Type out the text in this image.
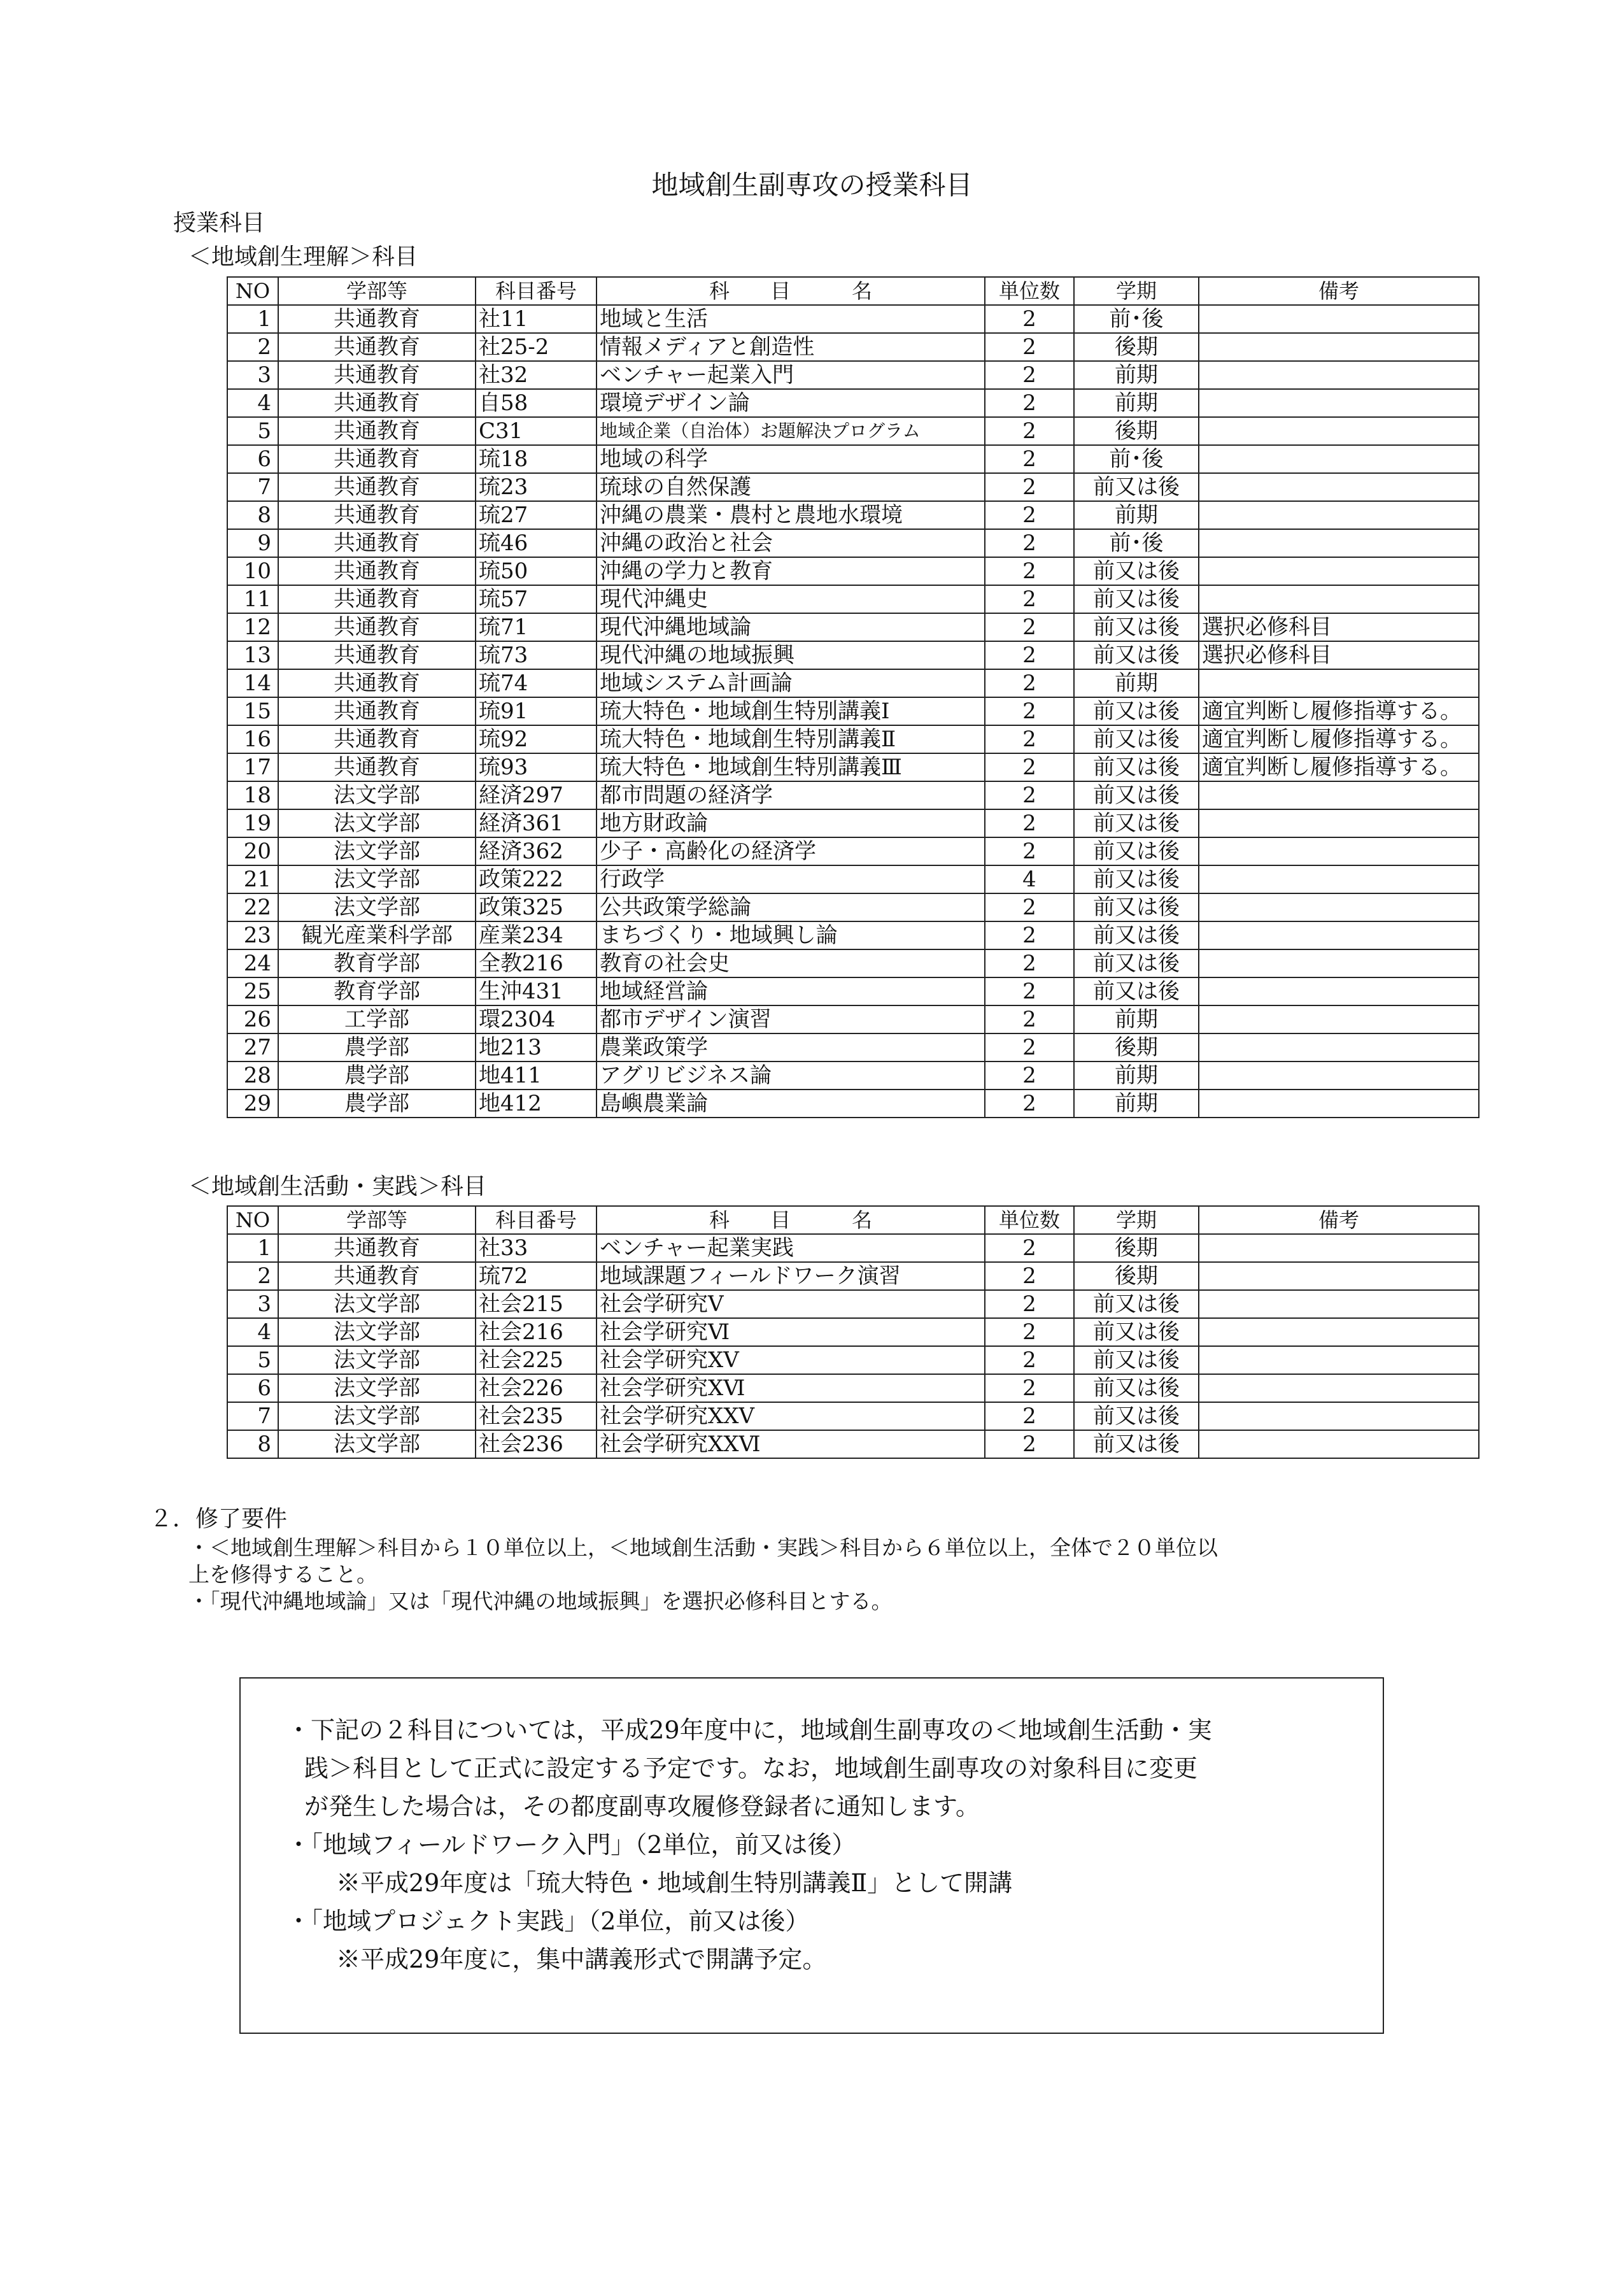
地域創生副専攻の授業科目
授業科目
＜地域創生理解＞科目
NO	学部等	科目番号	科　　目　　　名	単位数	学期	備考
1	共通教育	社11	地域と生活	2	前･後	
2	共通教育	社25-2	情報メディアと創造性	2	後期	
3	共通教育	社32	ベンチャー起業入門	2	前期	
4	共通教育	自58	環境デザイン論	2	前期	
5	共通教育	C31	地域企業（自治体）お題解決プログラム	2	後期	
6	共通教育	琉18	地域の科学	2	前･後	
7	共通教育	琉23	琉球の自然保護	2	前又は後	
8	共通教育	琉27	沖縄の農業・農村と農地水環境	2	前期	
9	共通教育	琉46	沖縄の政治と社会	2	前･後	
10	共通教育	琉50	沖縄の学力と教育	2	前又は後	
11	共通教育	琉57	現代沖縄史	2	前又は後	
12	共通教育	琉71	現代沖縄地域論	2	前又は後	選択必修科目
13	共通教育	琉73	現代沖縄の地域振興	2	前又は後	選択必修科目
14	共通教育	琉74	地域システム計画論	2	前期	
15	共通教育	琉91	琉大特色・地域創生特別講義Ⅰ	2	前又は後	適宜判断し履修指導する。
16	共通教育	琉92	琉大特色・地域創生特別講義Ⅱ	2	前又は後	適宜判断し履修指導する。
17	共通教育	琉93	琉大特色・地域創生特別講義Ⅲ	2	前又は後	適宜判断し履修指導する。
18	法文学部	経済297	都市問題の経済学	2	前又は後	
19	法文学部	経済361	地方財政論	2	前又は後	
20	法文学部	経済362	少子・高齢化の経済学	2	前又は後	
21	法文学部	政策222	行政学	4	前又は後	
22	法文学部	政策325	公共政策学総論	2	前又は後	
23	観光産業科学部	産業234	まちづくり・地域興し論	2	前又は後	
24	教育学部	全教216	教育の社会史	2	前又は後	
25	教育学部	生沖431	地域経営論	2	前又は後	
26	工学部	環2304	都市デザイン演習	2	前期	
27	農学部	地213	農業政策学	2	後期	
28	農学部	地411	アグリビジネス論	2	前期	
29	農学部	地412	島嶼農業論	2	前期	
＜地域創生活動・実践＞科目
NO	学部等	科目番号	科　　目　　　名	単位数	学期	備考
1	共通教育	社33	ベンチャー起業実践	2	後期	
2	共通教育	琉72	地域課題フィールドワーク演習	2	後期	
3	法文学部	社会215	社会学研究Ⅴ	2	前又は後	
4	法文学部	社会216	社会学研究Ⅵ	2	前又は後	
5	法文学部	社会225	社会学研究ⅩⅤ	2	前又は後	
6	法文学部	社会226	社会学研究ⅩⅥ	2	前又は後	
7	法文学部	社会235	社会学研究ⅩⅩⅤ	2	前又は後	
8	法文学部	社会236	社会学研究ⅩⅩⅥ	2	前又は後	
２．修了要件
・＜地域創生理解＞科目から１０単位以上，＜地域創生活動・実践＞科目から６単位以上，全体で２０単位以
上を修得すること。
・「現代沖縄地域論」又は「現代沖縄の地域振興」を選択必修科目とする。
・下記の２科目については，平成29年度中に，地域創生副専攻の＜地域創生活動・実
践＞科目として正式に設定する予定です。なお，地域創生副専攻の対象科目に変更
が発生した場合は，その都度副専攻履修登録者に通知します。
・「地域フィールドワーク入門」（2単位，前又は後）
※平成29年度は「琉大特色・地域創生特別講義Ⅱ」として開講
・「地域プロジェクト実践」（2単位，前又は後）
※平成29年度に，集中講義形式で開講予定。
